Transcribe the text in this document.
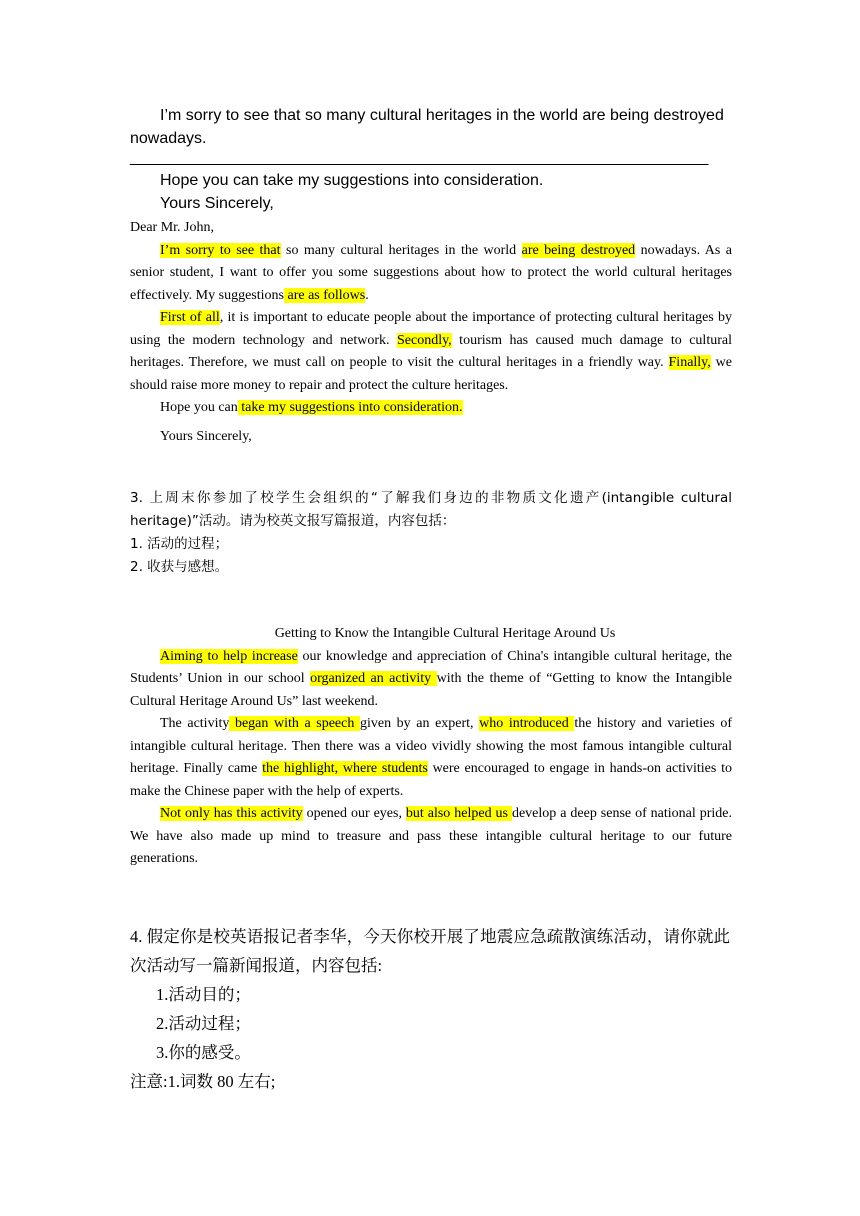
I’m sorry to see that so many cultural heritages in the world are being destroyed nowadays.

____________________________________________________________________

Hope you can take my suggestions into consideration.

Yours Sincerely,

Dear Mr. John,

I’m sorry to see that so many cultural heritages in the world are being destroyed nowadays. As a senior student, I want to offer you some suggestions about how to protect the world cultural heritages effectively. My suggestions are as follows.

First of all, it is important to educate people about the importance of protecting cultural heritages by using the modern technology and network. Secondly, tourism has caused much damage to cultural heritages. Therefore, we must call on people to visit the cultural heritages in a friendly way. Finally, we should raise more money to repair and protect the culture heritages.

Hope you can take my suggestions into consideration.

Yours Sincerely,

3. 上周末你参加了校学生会组织的“了解我们身边的非物质文化遗产(intangible cultural heritage)”活动。请为校英文报写篇报道，内容包括：

1. 活动的过程；

2. 收获与感想。

Getting to Know the Intangible Cultural Heritage Around Us

Aiming to help increase our knowledge and appreciation of China's intangible cultural heritage, the Students’ Union in our school organized an activity with the theme of “Getting to know the Intangible Cultural Heritage Around Us” last weekend.

The activity began with a speech given by an expert, who introduced the history and varieties of intangible cultural heritage. Then there was a video vividly showing the most famous intangible cultural heritage. Finally came the highlight, where students were encouraged to engage in hands-on activities to make the Chinese paper with the help of experts.

Not only has this activity opened our eyes, but also helped us develop a deep sense of national pride. We have also made up mind to treasure and pass these intangible cultural heritage to our future generations.

4. 假定你是校英语报记者李华，今天你校开展了地震应急疏散演练活动，请你就此次活动写一篇新闻报道，内容包括:

1.活动目的；

2.活动过程；

3.你的感受。

注意:1.词数 80 左右;
